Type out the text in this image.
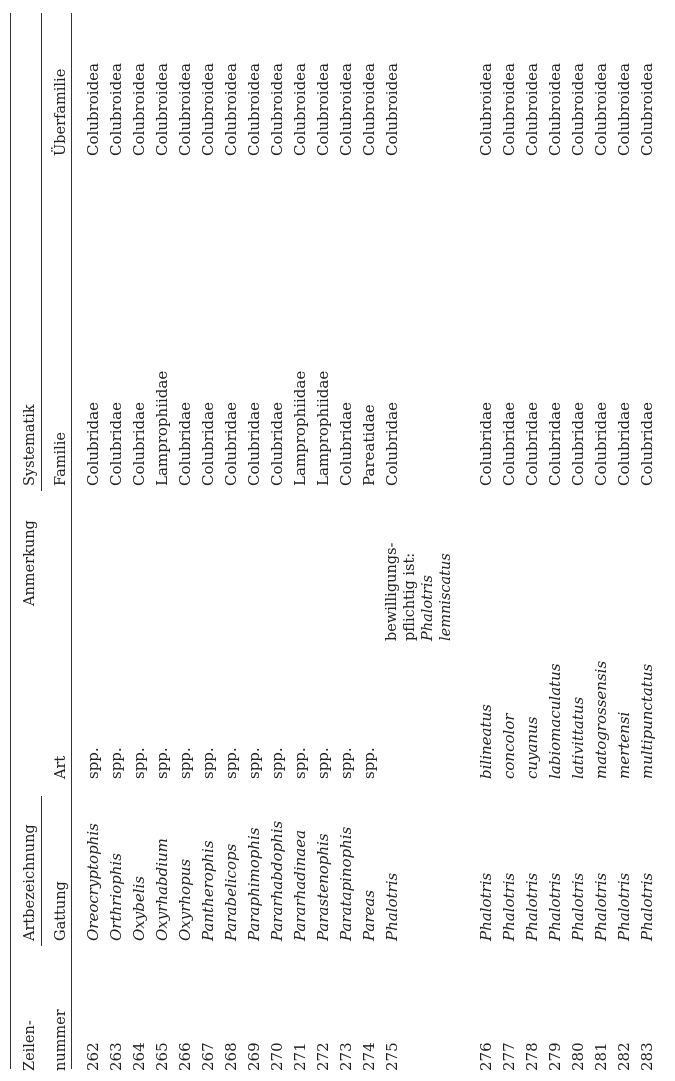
Zeilen- nummer
Artbezeichnung Gattung
Art
Anmerkung
Systematik Familie
Überfamilie
262
Oreocryptophis
spp.
Colubridae
Colubroidea
263
Orthriophis
spp.
Colubridae
Colubroidea
264
Oxybelis
spp.
Colubridae
Colubroidea
265
Oxyrhabdium
spp.
Lamprophiidae
Colubroidea
266
Oxyrhopus
spp.
Colubridae
Colubroidea
267
Pantherophis
spp.
Colubridae
Colubroidea
268
Parabelicops
spp.
Colubridae
Colubroidea
269
Paraphimophis
spp.
Colubridae
Colubroidea
270
Pararhabdophis
spp.
Colubridae
Colubroidea
271
Pararhadinaea
spp.
Lamprophiidae
Colubroidea
272
Parastenophis
spp.
Lamprophiidae
Colubroidea
273
Paratapinophis
spp.
Colubridae
Colubroidea
274
Pareas
spp.
Pareatidae
Colubroidea
275
Phalotris
Colubridae
Colubroidea
bewilligungs-pflichtig ist: Phalotris lemniscatus
276
Phalotris
bilineatus
Colubridae
Colubroidea
277
Phalotris
concolor
Colubridae
Colubroidea
278
Phalotris
cuyanus
Colubridae
Colubroidea
279
Phalotris
labiomaculatus
Colubridae
Colubroidea
280
Phalotris
lativittatus
Colubridae
Colubroidea
281
Phalotris
matogrossensis
Colubridae
Colubroidea
282
Phalotris
mertensi
Colubridae
Colubroidea
283
Phalotris
multipunctatus
Colubridae
Colubroidea
